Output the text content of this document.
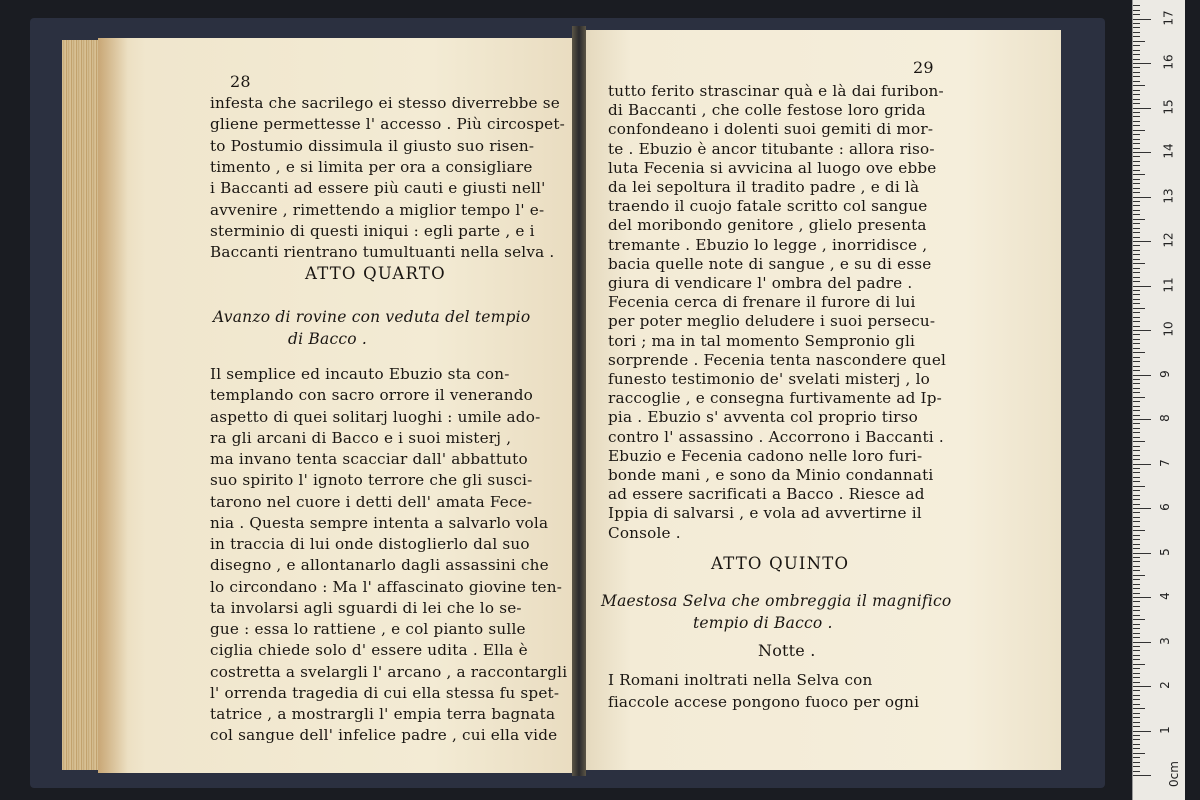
28
infesta che sacrilego ei stesso diverrebbe se
gliene permettesse l' accesso . Più circospet-
to Postumio dissimula il giusto suo risen-
timento , e si limita per ora a consigliare
i Baccanti ad essere più cauti e giusti nell'
avvenire , rimettendo a miglior tempo l' e-
sterminio di questi iniqui : egli parte , e i
Baccanti rientrano tumultuanti nella selva .
ATTO QUARTO
Avanzo di rovine con veduta del tempio
di Bacco .
Il semplice ed incauto Ebuzio sta con-
templando con sacro orrore il venerando
aspetto di quei solitarj luoghi : umile ado-
ra gli arcani di Bacco e i suoi misterj ,
ma invano tenta scacciar dall' abbattuto
suo spirito l' ignoto terrore che gli susci-
tarono nel cuore i detti dell' amata Fece-
nia . Questa sempre intenta a salvarlo vola
in traccia di lui onde distoglierlo dal suo
disegno , e allontanarlo dagli assassini che
lo circondano : Ma l' affascinato giovine ten-
ta involarsi agli sguardi di lei che lo se-
gue : essa lo rattiene , e col pianto sulle
ciglia chiede solo d' essere udita . Ella è
costretta a svelargli l' arcano , a raccontargli
l' orrenda tragedia di cui ella stessa fu spet-
tatrice , a mostrargli l' empia terra bagnata
col sangue dell' infelice padre , cui ella vide
29
tutto ferito strascinar quà e là dai furibon-
di Baccanti , che colle festose loro grida
confondeano i dolenti suoi gemiti di mor-
te . Ebuzio è ancor titubante : allora riso-
luta Fecenia si avvicina al luogo ove ebbe
da lei sepoltura il tradito padre , e di là
traendo il cuojo fatale scritto col sangue
del moribondo genitore , glielo presenta
tremante . Ebuzio lo legge , inorridisce ,
bacia quelle note di sangue , e su di esse
giura di vendicare l' ombra del padre .
Fecenia cerca di frenare il furore di lui
per poter meglio deludere i suoi persecu-
tori ; ma in tal momento Sempronio gli
sorprende . Fecenia tenta nascondere quel
funesto testimonio de' svelati misterj , lo
raccoglie , e consegna furtivamente ad Ip-
pia . Ebuzio s' avventa col proprio tirso
contro l' assassino . Accorrono i Baccanti .
Ebuzio e Fecenia cadono nelle loro furi-
bonde mani , e sono da Minio condannati
ad essere sacrificati a Bacco . Riesce ad
Ippia di salvarsi , e vola ad avvertirne il
Console .
ATTO QUINTO
Maestosa Selva che ombreggia il magnifico
tempio di Bacco .
Notte .
I Romani inoltrati nella Selva con
fiaccole accese pongono fuoco per ogni
0cm
1
2
3
4
5
6
7
8
9
10
11
12
13
14
15
16
17
